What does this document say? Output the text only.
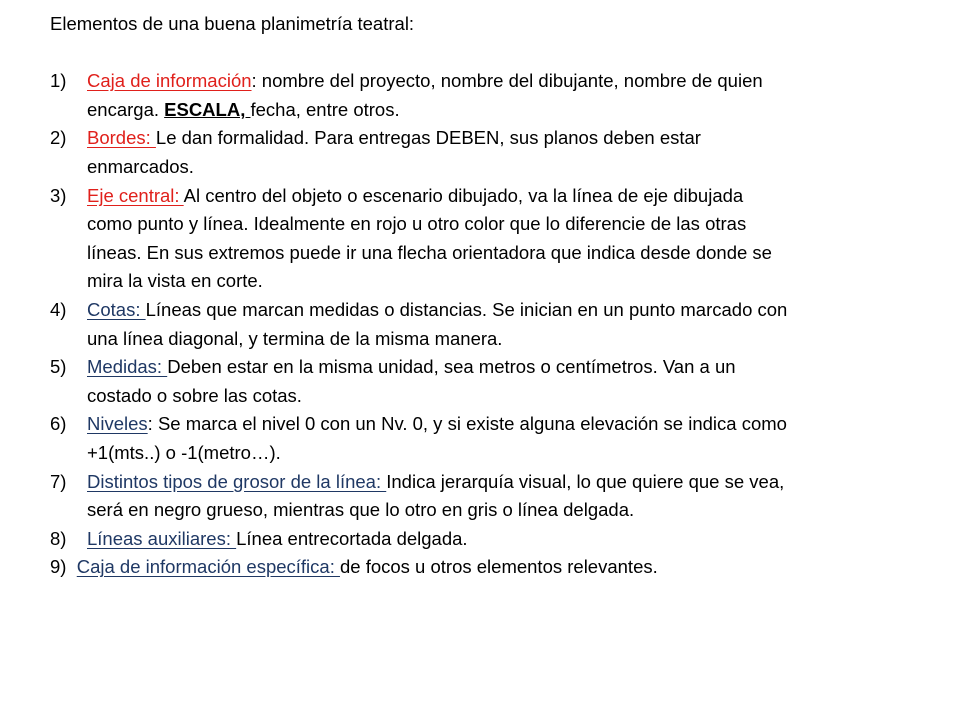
Elementos de una buena planimetría teatral:
1) Caja de información: nombre del proyecto, nombre del dibujante, nombre de quien encarga. ESCALA, fecha, entre otros.
2) Bordes: Le dan formalidad. Para entregas DEBEN, sus planos deben estar enmarcados.
3) Eje central: Al centro del objeto o escenario dibujado, va la línea de eje dibujada como punto y línea. Idealmente en rojo u otro color que lo diferencie de las otras líneas. En sus extremos puede ir una flecha orientadora que indica desde donde se mira la vista en corte.
4) Cotas: Líneas que marcan medidas o distancias. Se inician en un punto marcado con una línea diagonal, y termina de la misma manera.
5) Medidas: Deben estar en la misma unidad, sea metros o centímetros. Van a un costado o sobre las cotas.
6) Niveles: Se marca el nivel 0 con un Nv. 0, y si existe alguna elevación se indica como +1(mts..) o -1(metro…).
7) Distintos tipos de grosor de la línea: Indica jerarquía visual, lo que quiere que se vea, será en negro grueso, mientras que lo otro en gris o línea delgada.
8) Líneas auxiliares: Línea entrecortada delgada.

9) Caja de información específica: de focos u otros elementos relevantes.
